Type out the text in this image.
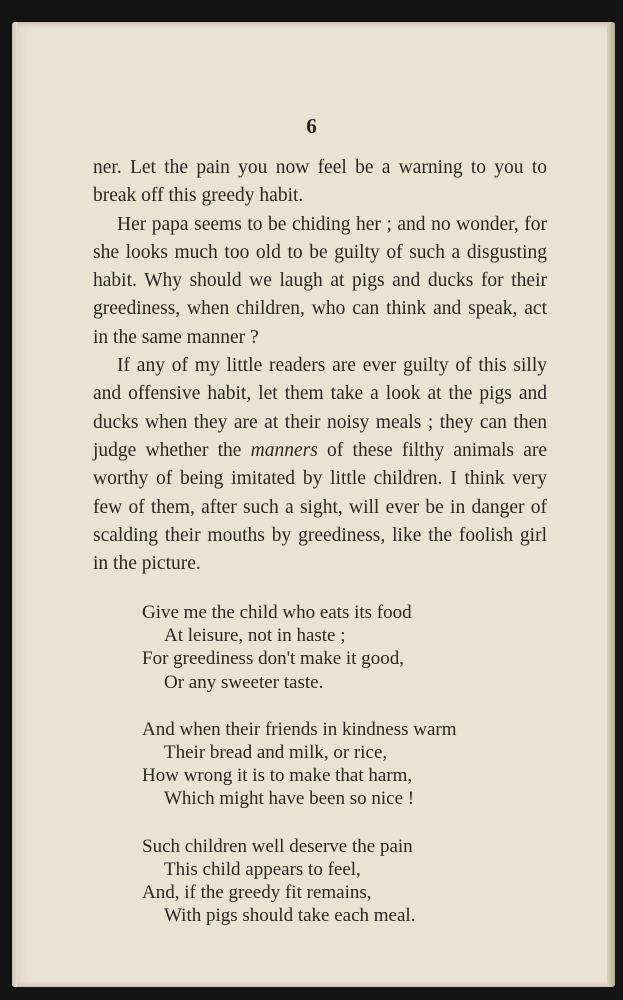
6

ner. Let the pain you now feel be a warning to you to break off this greedy habit.

Her papa seems to be chiding her ; and no wonder, for she looks much too old to be guilty of such a disgusting habit. Why should we laugh at pigs and ducks for their greediness, when children, who can think and speak, act in the same manner ?

If any of my little readers are ever guilty of this silly and offensive habit, let them take a look at the pigs and ducks when they are at their noisy meals ; they can then judge whether the manners of these filthy animals are worthy of being imitated by little children. I think very few of them, after such a sight, will ever be in danger of scalding their mouths by greediness, like the foolish girl in the picture.

Give me the child who eats its food
At leisure, not in haste ;
For greediness don't make it good,
Or any sweeter taste.
And when their friends in kindness warm
Their bread and milk, or rice,
How wrong it is to make that harm,
Which might have been so nice !
Such children well deserve the pain
This child appears to feel,
And, if the greedy fit remains,
With pigs should take each meal.
